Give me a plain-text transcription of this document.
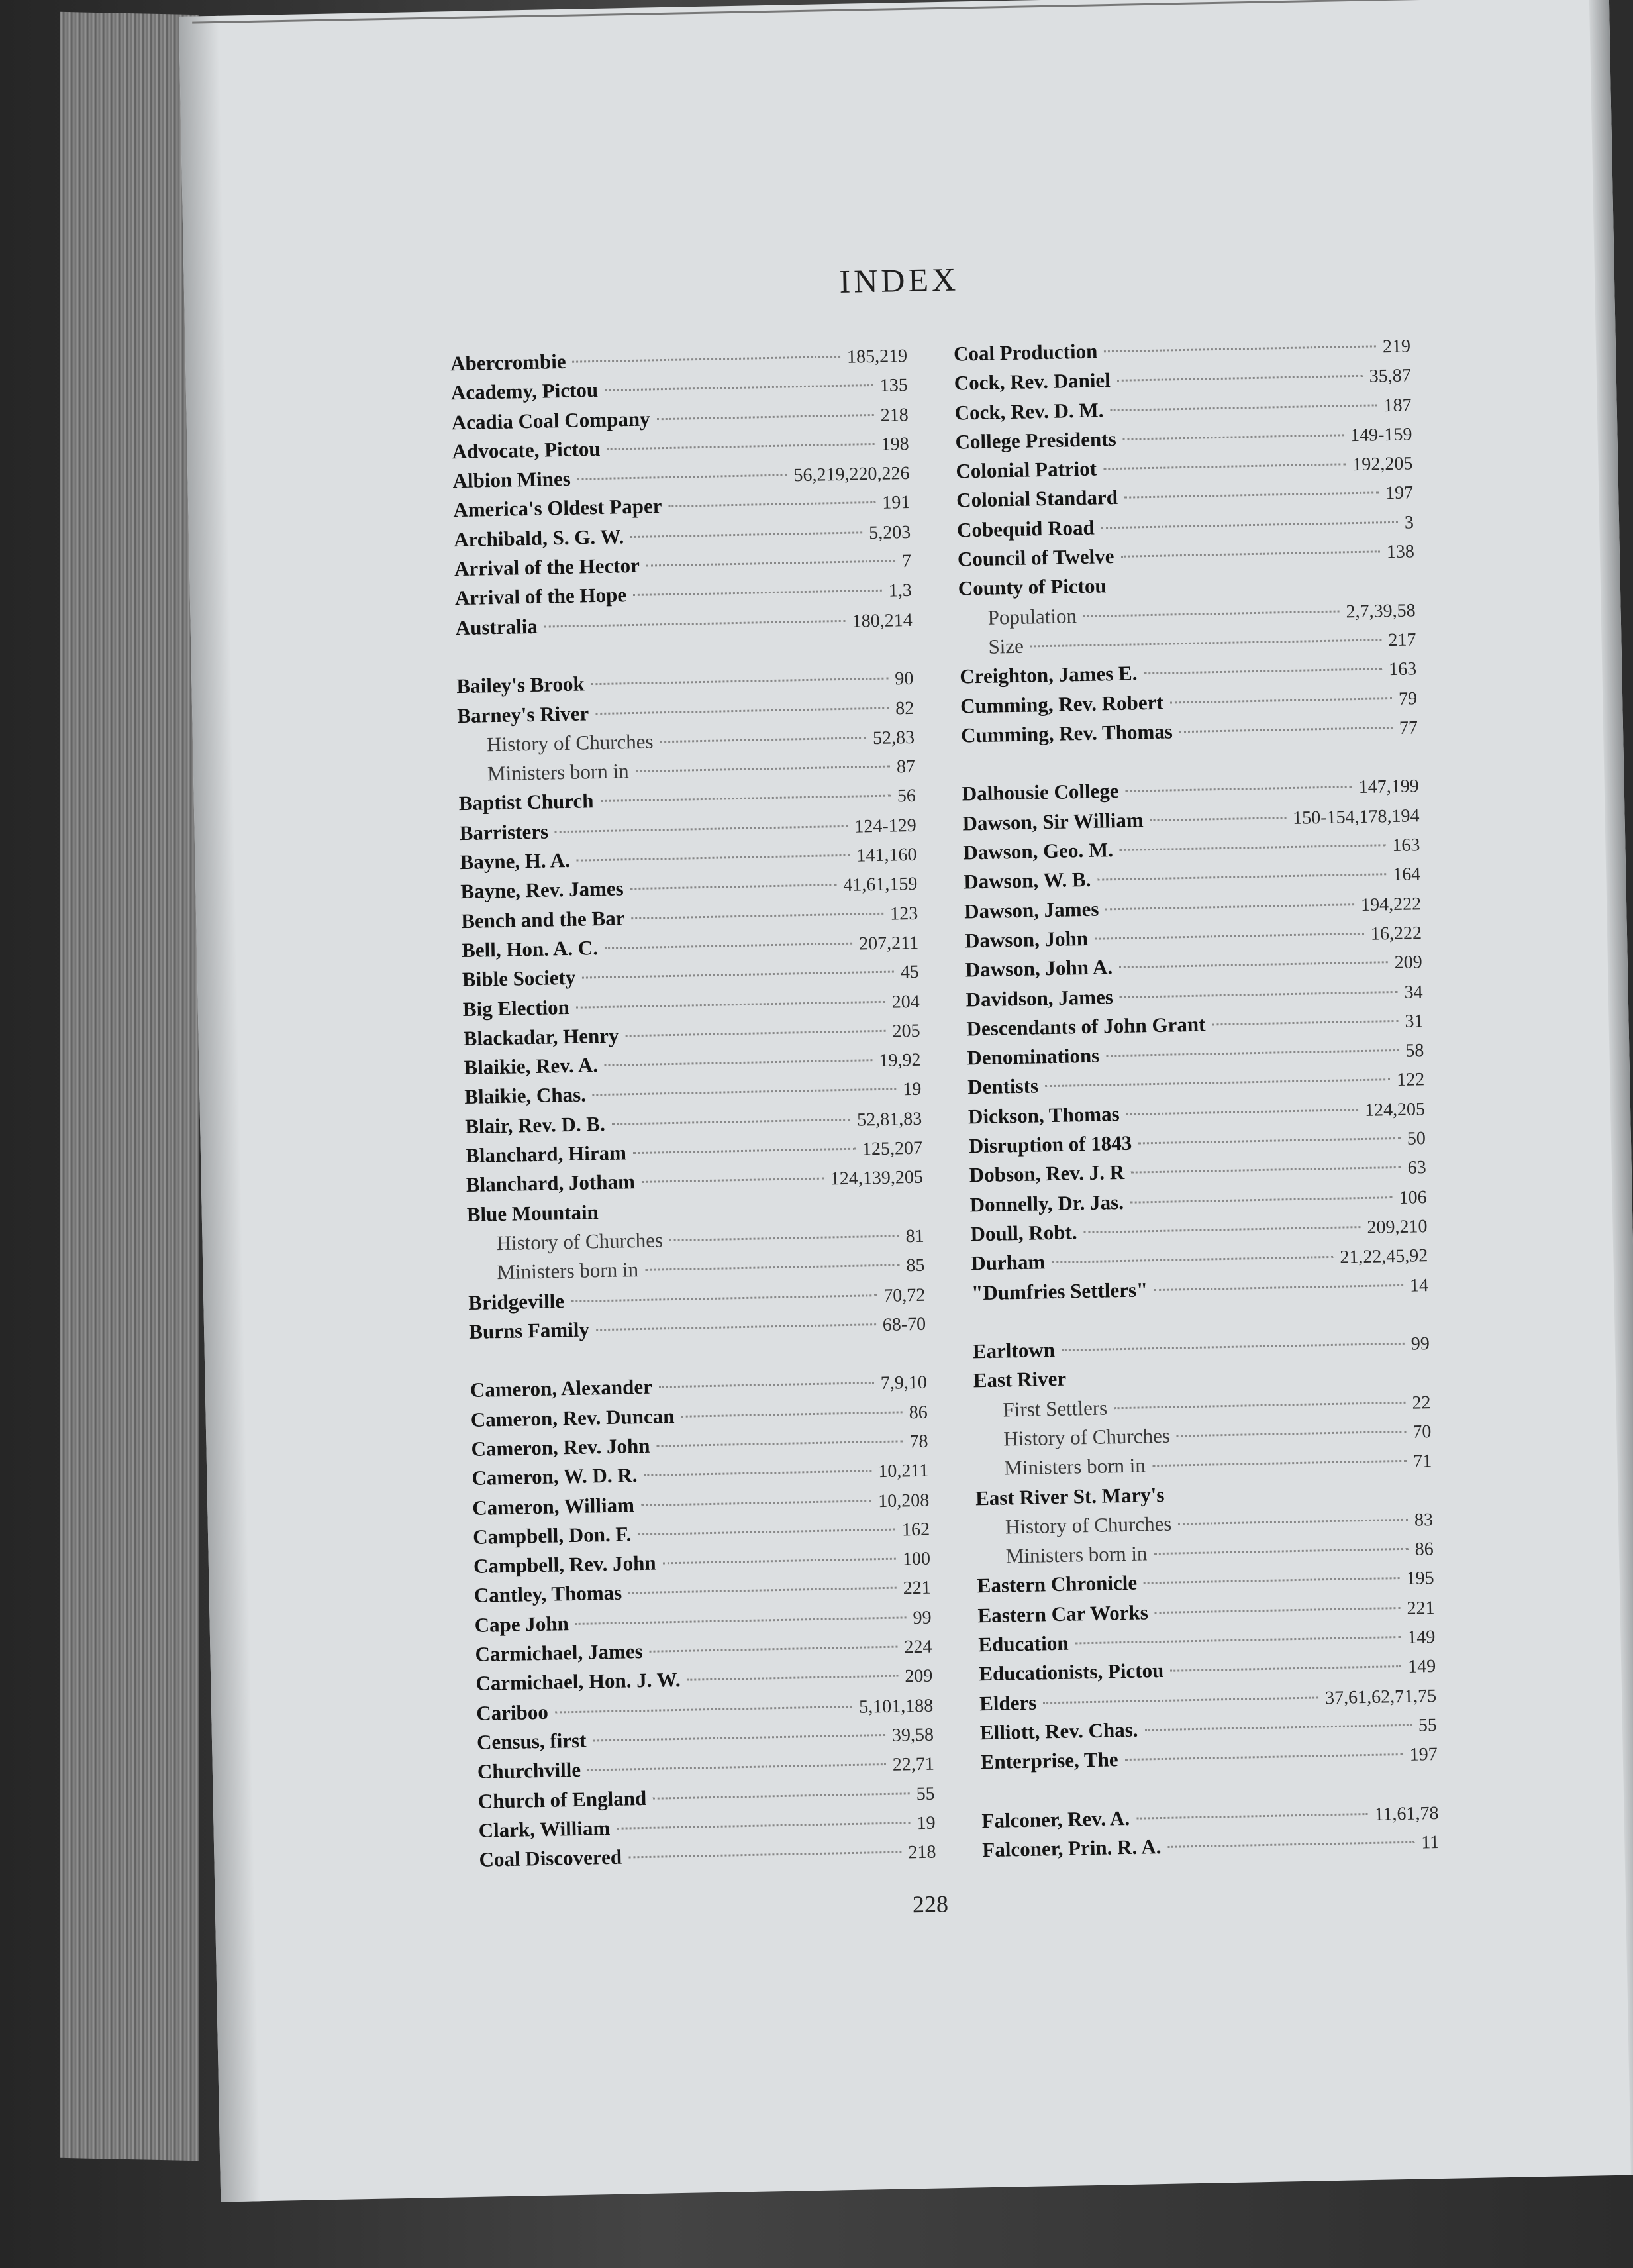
INDEX
Abercrombie	185,219
Academy, Pictou	135
Acadia Coal Company	218
Advocate, Pictou	198
Albion Mines	56,219,220,226
America's Oldest Paper	191
Archibald, S. G. W.	5,203
Arrival of the Hector	7
Arrival of the Hope	1,3
Australia	180,214
Bailey's Brook	90
Barney's River	82
History of Churches	52,83
Ministers born in	87
Baptist Church	56
Barristers	124-129
Bayne, H. A.	141,160
Bayne, Rev. James	41,61,159
Bench and the Bar	123
Bell, Hon. A. C.	207,211
Bible Society	45
Big Election	204
Blackadar, Henry	205
Blaikie, Rev. A.	19,92
Blaikie, Chas.	19
Blair, Rev. D. B.	52,81,83
Blanchard, Hiram	125,207
Blanchard, Jotham	124,139,205
Blue Mountain
History of Churches	81
Ministers born in	85
Bridgeville	70,72
Burns Family	68-70
Cameron, Alexander	7,9,10
Cameron, Rev. Duncan	86
Cameron, Rev. John	78
Cameron, W. D. R.	10,211
Cameron, William	10,208
Campbell, Don. F.	162
Campbell, Rev. John	100
Cantley, Thomas	221
Cape John	99
Carmichael, James	224
Carmichael, Hon. J. W.	209
Cariboo	5,101,188
Census, first	39,58
Churchville	22,71
Church of England	55
Clark, William	19
Coal Discovered	218
Coal Production	219
Cock, Rev. Daniel	35,87
Cock, Rev. D. M.	187
College Presidents	149-159
Colonial Patriot	192,205
Colonial Standard	197
Cobequid Road	3
Council of Twelve	138
County of Pictou
Population	2,7,39,58
Size	217
Creighton, James E.	163
Cumming, Rev. Robert	79
Cumming, Rev. Thomas	77
Dalhousie College	147,199
Dawson, Sir William	150-154,178,194
Dawson, Geo. M.	163
Dawson, W. B.	164
Dawson, James	194,222
Dawson, John	16,222
Dawson, John A.	209
Davidson, James	34
Descendants of John Grant	31
Denominations	58
Dentists	122
Dickson, Thomas	124,205
Disruption of 1843	50
Dobson, Rev. J. R	63
Donnelly, Dr. Jas.	106
Doull, Robt.	209,210
Durham	21,22,45,92
"Dumfries Settlers"	14
Earltown	99
East River
First Settlers	22
History of Churches	70
Ministers born in	71
East River St. Mary's
History of Churches	83
Ministers born in	86
Eastern Chronicle	195
Eastern Car Works	221
Education	149
Educationists, Pictou	149
Elders	37,61,62,71,75
Elliott, Rev. Chas.	55
Enterprise, The	197
Falconer, Rev. A.	11,61,78
Falconer, Prin. R. A.	11
228
